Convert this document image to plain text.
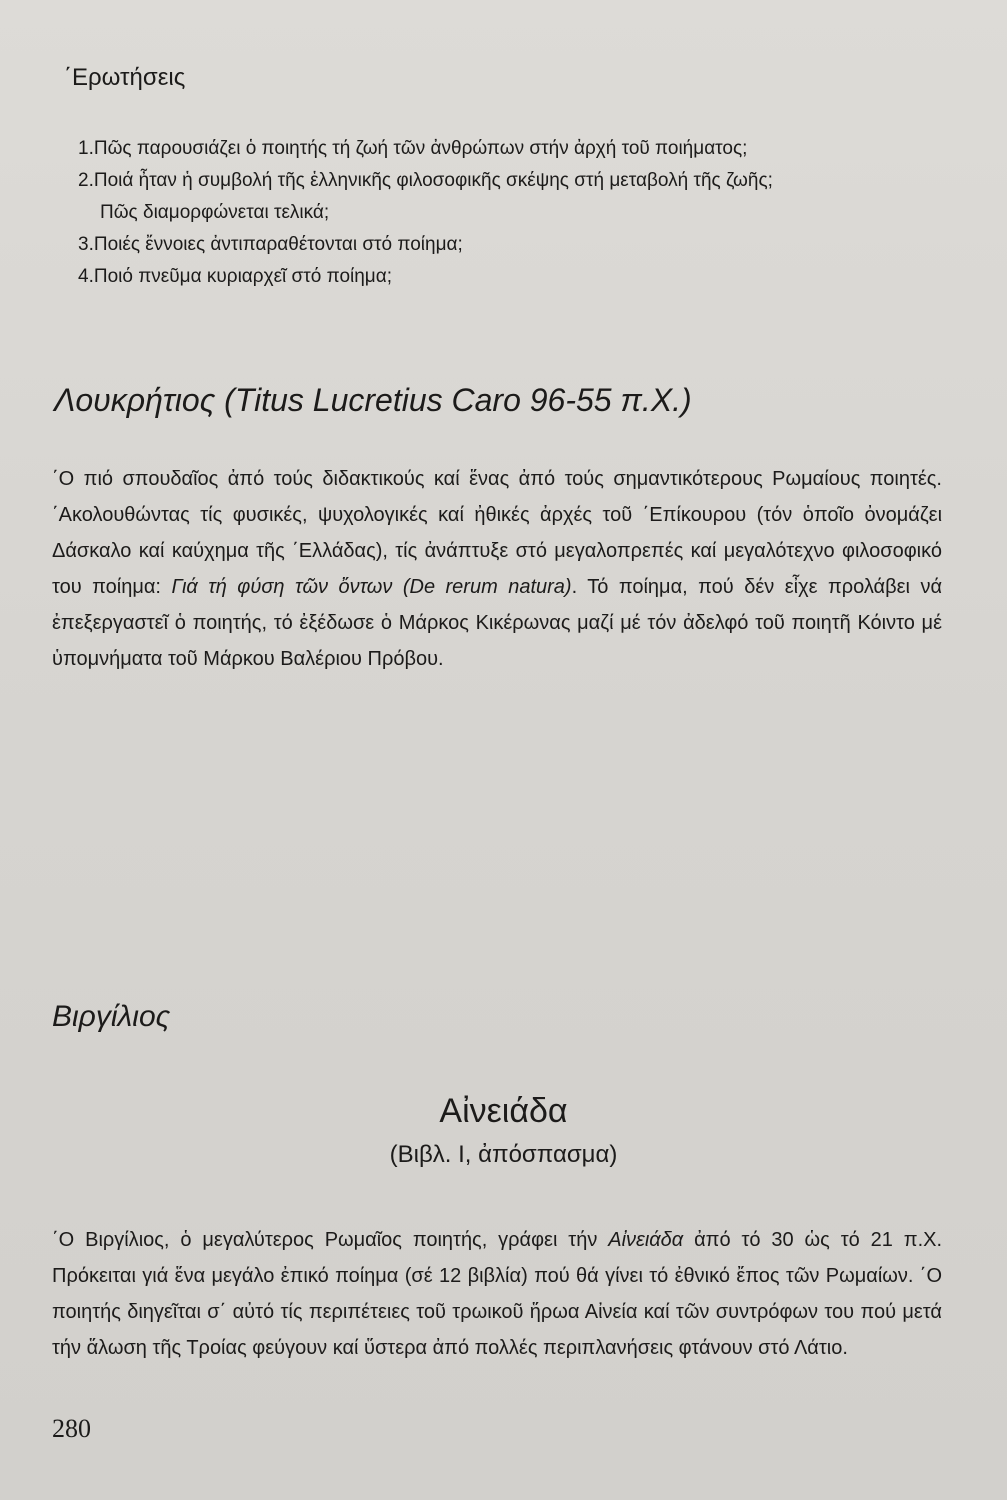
΄Ερωτήσεις
1.Πῶς παρουσιάζει ὁ ποιητής τή ζωή τῶν ἀνθρώπων στήν ἀρχή τοῦ ποιήματος;
2.Ποιά ἦταν ἡ συμβολή τῆς ἑλληνικῆς φιλοσοφικῆς σκέψης στή μεταβολή τῆς ζωῆς;
Πῶς διαμορφώνεται τελικά;
3.Ποιές ἔννοιες ἀντιπαραθέτονται στό ποίημα;
4.Ποιό πνεῦμα κυριαρχεῖ στό ποίημα;
Λουκρήτιος (Titus Lucretius Caro 96-55 π.Χ.)
΄Ο πιό σπουδαῖος ἀπό τούς διδακτικούς καί ἕνας ἀπό τούς σημαντικότερους Ρωμαίους ποιητές. ΄Ακολουθώντας τίς φυσικές, ψυχολογικές καί ἠθικές ἀρχές τοῦ ΄Επίκουρου (τόν ὁποῖο ὀνομάζει Δάσκαλο καί καύχημα τῆς ΄Ελλάδας), τίς ἀνάπτυξε στό μεγαλοπρεπές καί μεγαλότεχνο φιλοσοφικό του ποίημα: Γιά τή φύση τῶν ὄντων (De rerum natura). Τό ποίημα, πού δέν εἶχε προλάβει νά ἐπεξεργαστεῖ ὁ ποιητής, τό ἐξέδωσε ὁ Μάρκος Κικέρωνας μαζί μέ τόν ἀδελφό τοῦ ποιητῆ Κόιντο μέ ὑπομνήματα τοῦ Μάρκου Βαλέριου Πρόβου.
Βιργίλιος
Αἰνειάδα
(Βιβλ. Ι, ἀπόσπασμα)
΄Ο Βιργίλιος, ὁ μεγαλύτερος Ρωμαῖος ποιητής, γράφει τήν Αἰνειάδα ἀπό τό 30 ὡς τό 21 π.Χ. Πρόκειται γιά ἕνα μεγάλο ἐπικό ποίημα (σέ 12 βιβλία) πού θά γίνει τό ἐθνικό ἔπος τῶν Ρωμαίων. ΄Ο ποιητής διηγεῖται σ΄ αὐτό τίς περιπέτειες τοῦ τρωικοῦ ἥρωα Αἰνεία καί τῶν συντρόφων του πού μετά τήν ἅλωση τῆς Τροίας φεύγουν καί ὕστερα ἀπό πολλές περιπλανήσεις φτάνουν στό Λάτιο.
280
